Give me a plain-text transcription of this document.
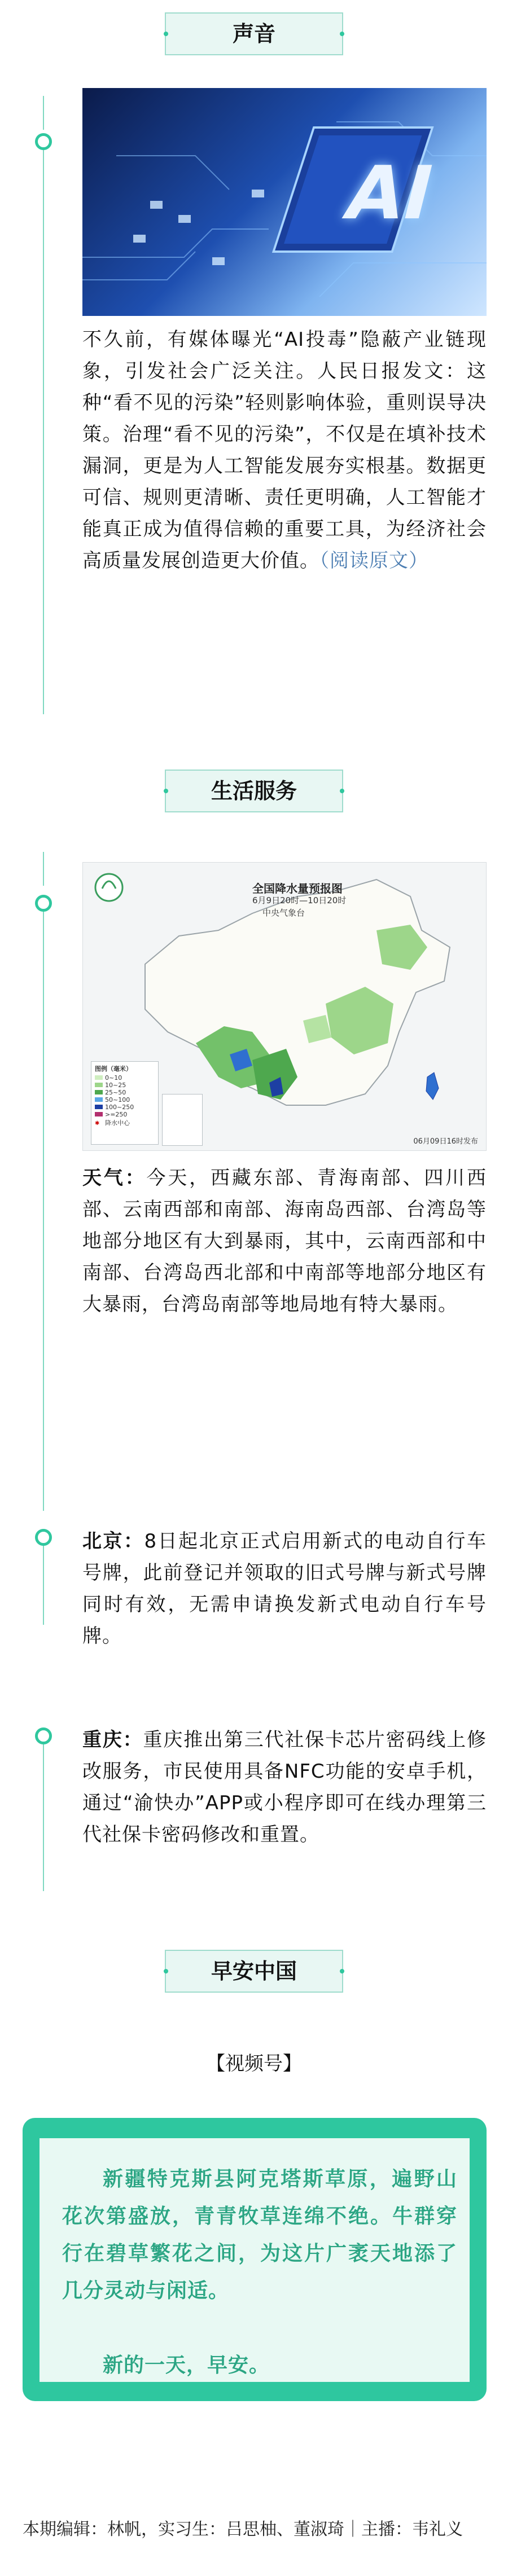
声音
AI
不久前，有媒体曝光“AI投毒”隐蔽产业链现象，引发社会广泛关注。人民日报发文：这种“看不见的污染”轻则影响体验，重则误导决策。治理“看不见的污染”，不仅是在填补技术漏洞，更是为人工智能发展夯实根基。数据更可信、规则更清晰、责任更明确，人工智能才能真正成为值得信赖的重要工具，为经济社会高质量发展创造更大价值。（阅读原文）
生活服务
全国降水量预报图
6月9日20时—10日20时
中央气象台
图例（毫米）
0~10
10~25
25~50
50~100
100~250
>=250
✱ 降水中心
06月09日16时发布
天气：今天，西藏东部、青海南部、四川西部、云南西部和南部、海南岛西部、台湾岛等地部分地区有大到暴雨，其中，云南西部和中南部、台湾岛西北部和中南部等地部分地区有大暴雨，台湾岛南部等地局地有特大暴雨。
北京：8日起北京正式启用新式的电动自行车号牌，此前登记并领取的旧式号牌与新式号牌同时有效，无需申请换发新式电动自行车号牌。
重庆：重庆推出第三代社保卡芯片密码线上修改服务，市民使用具备NFC功能的安卓手机，通过“渝快办”APP或小程序即可在线办理第三代社保卡密码修改和重置。
早安中国
【视频号】
新疆特克斯县阿克塔斯草原，遍野山花次第盛放，青青牧草连绵不绝。牛群穿行在碧草繁花之间，为这片广袤天地添了几分灵动与闲适。
新的一天，早安。
本期编辑：林帆，实习生：吕思柚、董淑琦｜主播：韦礼义
